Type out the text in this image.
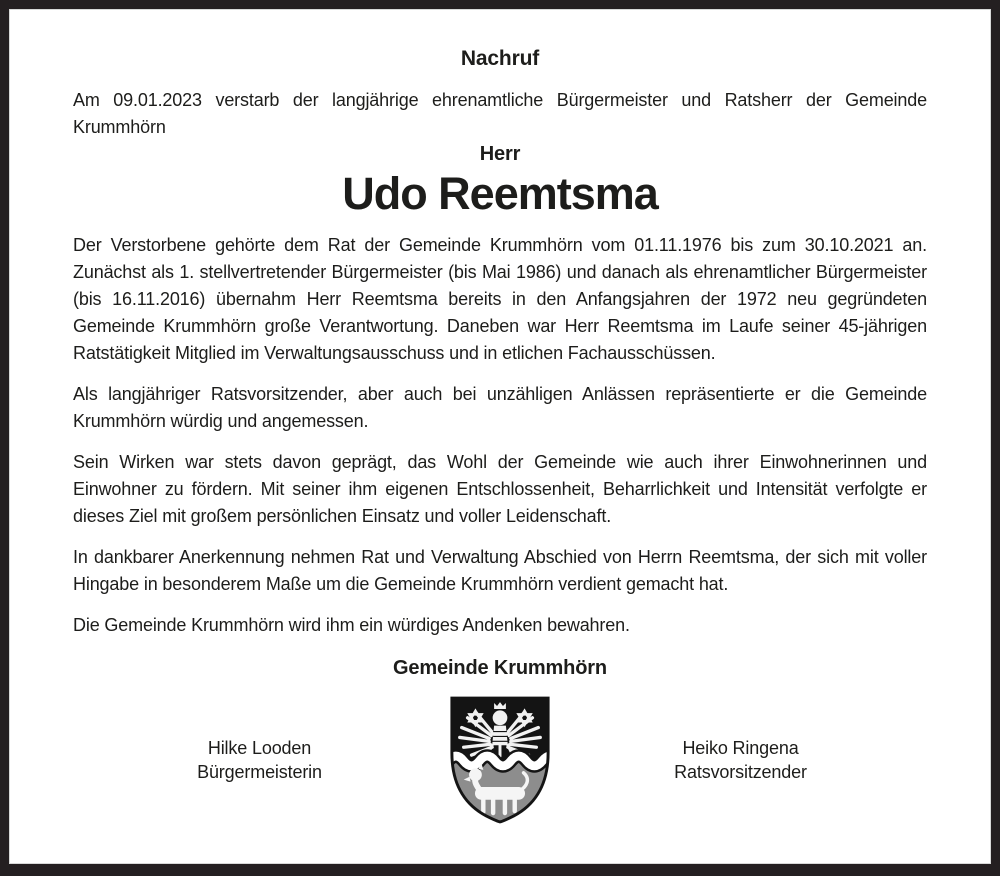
Nachruf

Am 09.01.2023 verstarb der langjährige ehrenamtliche Bürgermeister und Ratsherr der Gemeinde Krummhörn

Herr
Udo Reemtsma

Der Verstorbene gehörte dem Rat der Gemeinde Krummhörn vom 01.11.1976 bis zum 30.10.2021 an. Zunächst als 1. stellvertretender Bürgermeister (bis Mai 1986) und danach als ehrenamtlicher Bürgermeister (bis 16.11.2016) übernahm Herr Reemtsma bereits in den Anfangsjahren der 1972 neu gegründeten Gemeinde Krummhörn große Verantwortung. Daneben war Herr Reemtsma im Laufe seiner 45-jährigen Ratstätigkeit Mitglied im Verwaltungsausschuss und in etlichen Fachausschüssen.

Als langjähriger Ratsvorsitzender, aber auch bei unzähligen Anlässen repräsentierte er die Gemeinde Krummhörn würdig und angemessen.

Sein Wirken war stets davon geprägt, das Wohl der Gemeinde wie auch ihrer Einwohnerinnen und Einwohner zu fördern. Mit seiner ihm eigenen Entschlossenheit, Beharrlichkeit und Intensität verfolgte er dieses Ziel mit großem persönlichen Einsatz und voller Leidenschaft.

In dankbarer Anerkennung nehmen Rat und Verwaltung Abschied von Herrn Reemtsma, der sich mit voller Hingabe in besonderem Maße um die Gemeinde Krummhörn verdient gemacht hat.

Die Gemeinde Krummhörn wird ihm ein würdiges Andenken bewahren.

Gemeinde Krummhörn
Hilke Looden
Bürgermeisterin
Heiko Ringena
Ratsvorsitzender
